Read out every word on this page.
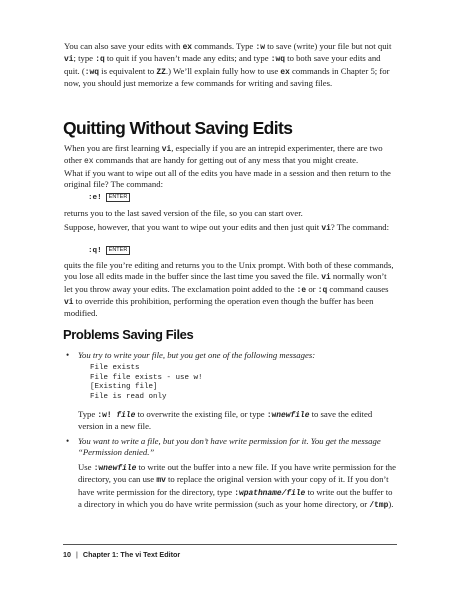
You can also save your edits with ex commands. Type :w to save (write) your file but not quit vi; type :q to quit if you haven’t made any edits; and type :wq to both save your edits and quit. (:wq is equivalent to ZZ.) We’ll explain fully how to use ex commands in Chapter 5; for now, you should just memorize a few commands for writing and saving files.

Quitting Without Saving Edits

When you are first learning vi, especially if you are an intrepid experimenter, there are two other ex commands that are handy for getting out of any mess that you might create.

What if you want to wipe out all of the edits you have made in a session and then return to the original file? The command:

:e! ENTER

returns you to the last saved version of the file, so you can start over.

Suppose, however, that you want to wipe out your edits and then just quit vi? The command:

:q! ENTER

quits the file you’re editing and returns you to the Unix prompt. With both of these commands, you lose all edits made in the buffer since the last time you saved the file. vi normally won’t let you throw away your edits. The exclamation point added to the :e or :q command causes vi to override this prohibition, performing the operation even though the buffer has been modified.

Problems Saving Files
• You try to write your file, but you get one of the following messages:

File exists
File file exists - use w!
[Existing file]
File is read only

Type :w! file to overwrite the existing file, or type :wnewfile to save the edited version in a new file.

• You want to write a file, but you don’t have write permission for it. You get the message “Permission denied.”

Use :wnewfile to write out the buffer into a new file. If you have write permission for the directory, you can use mv to replace the original version with your copy of it. If you don’t have write permission for the directory, type :wpathname/file to write out the buffer to a directory in which you do have write permission (such as your home directory, or /tmp).

10 | Chapter 1: The vi Text Editor
